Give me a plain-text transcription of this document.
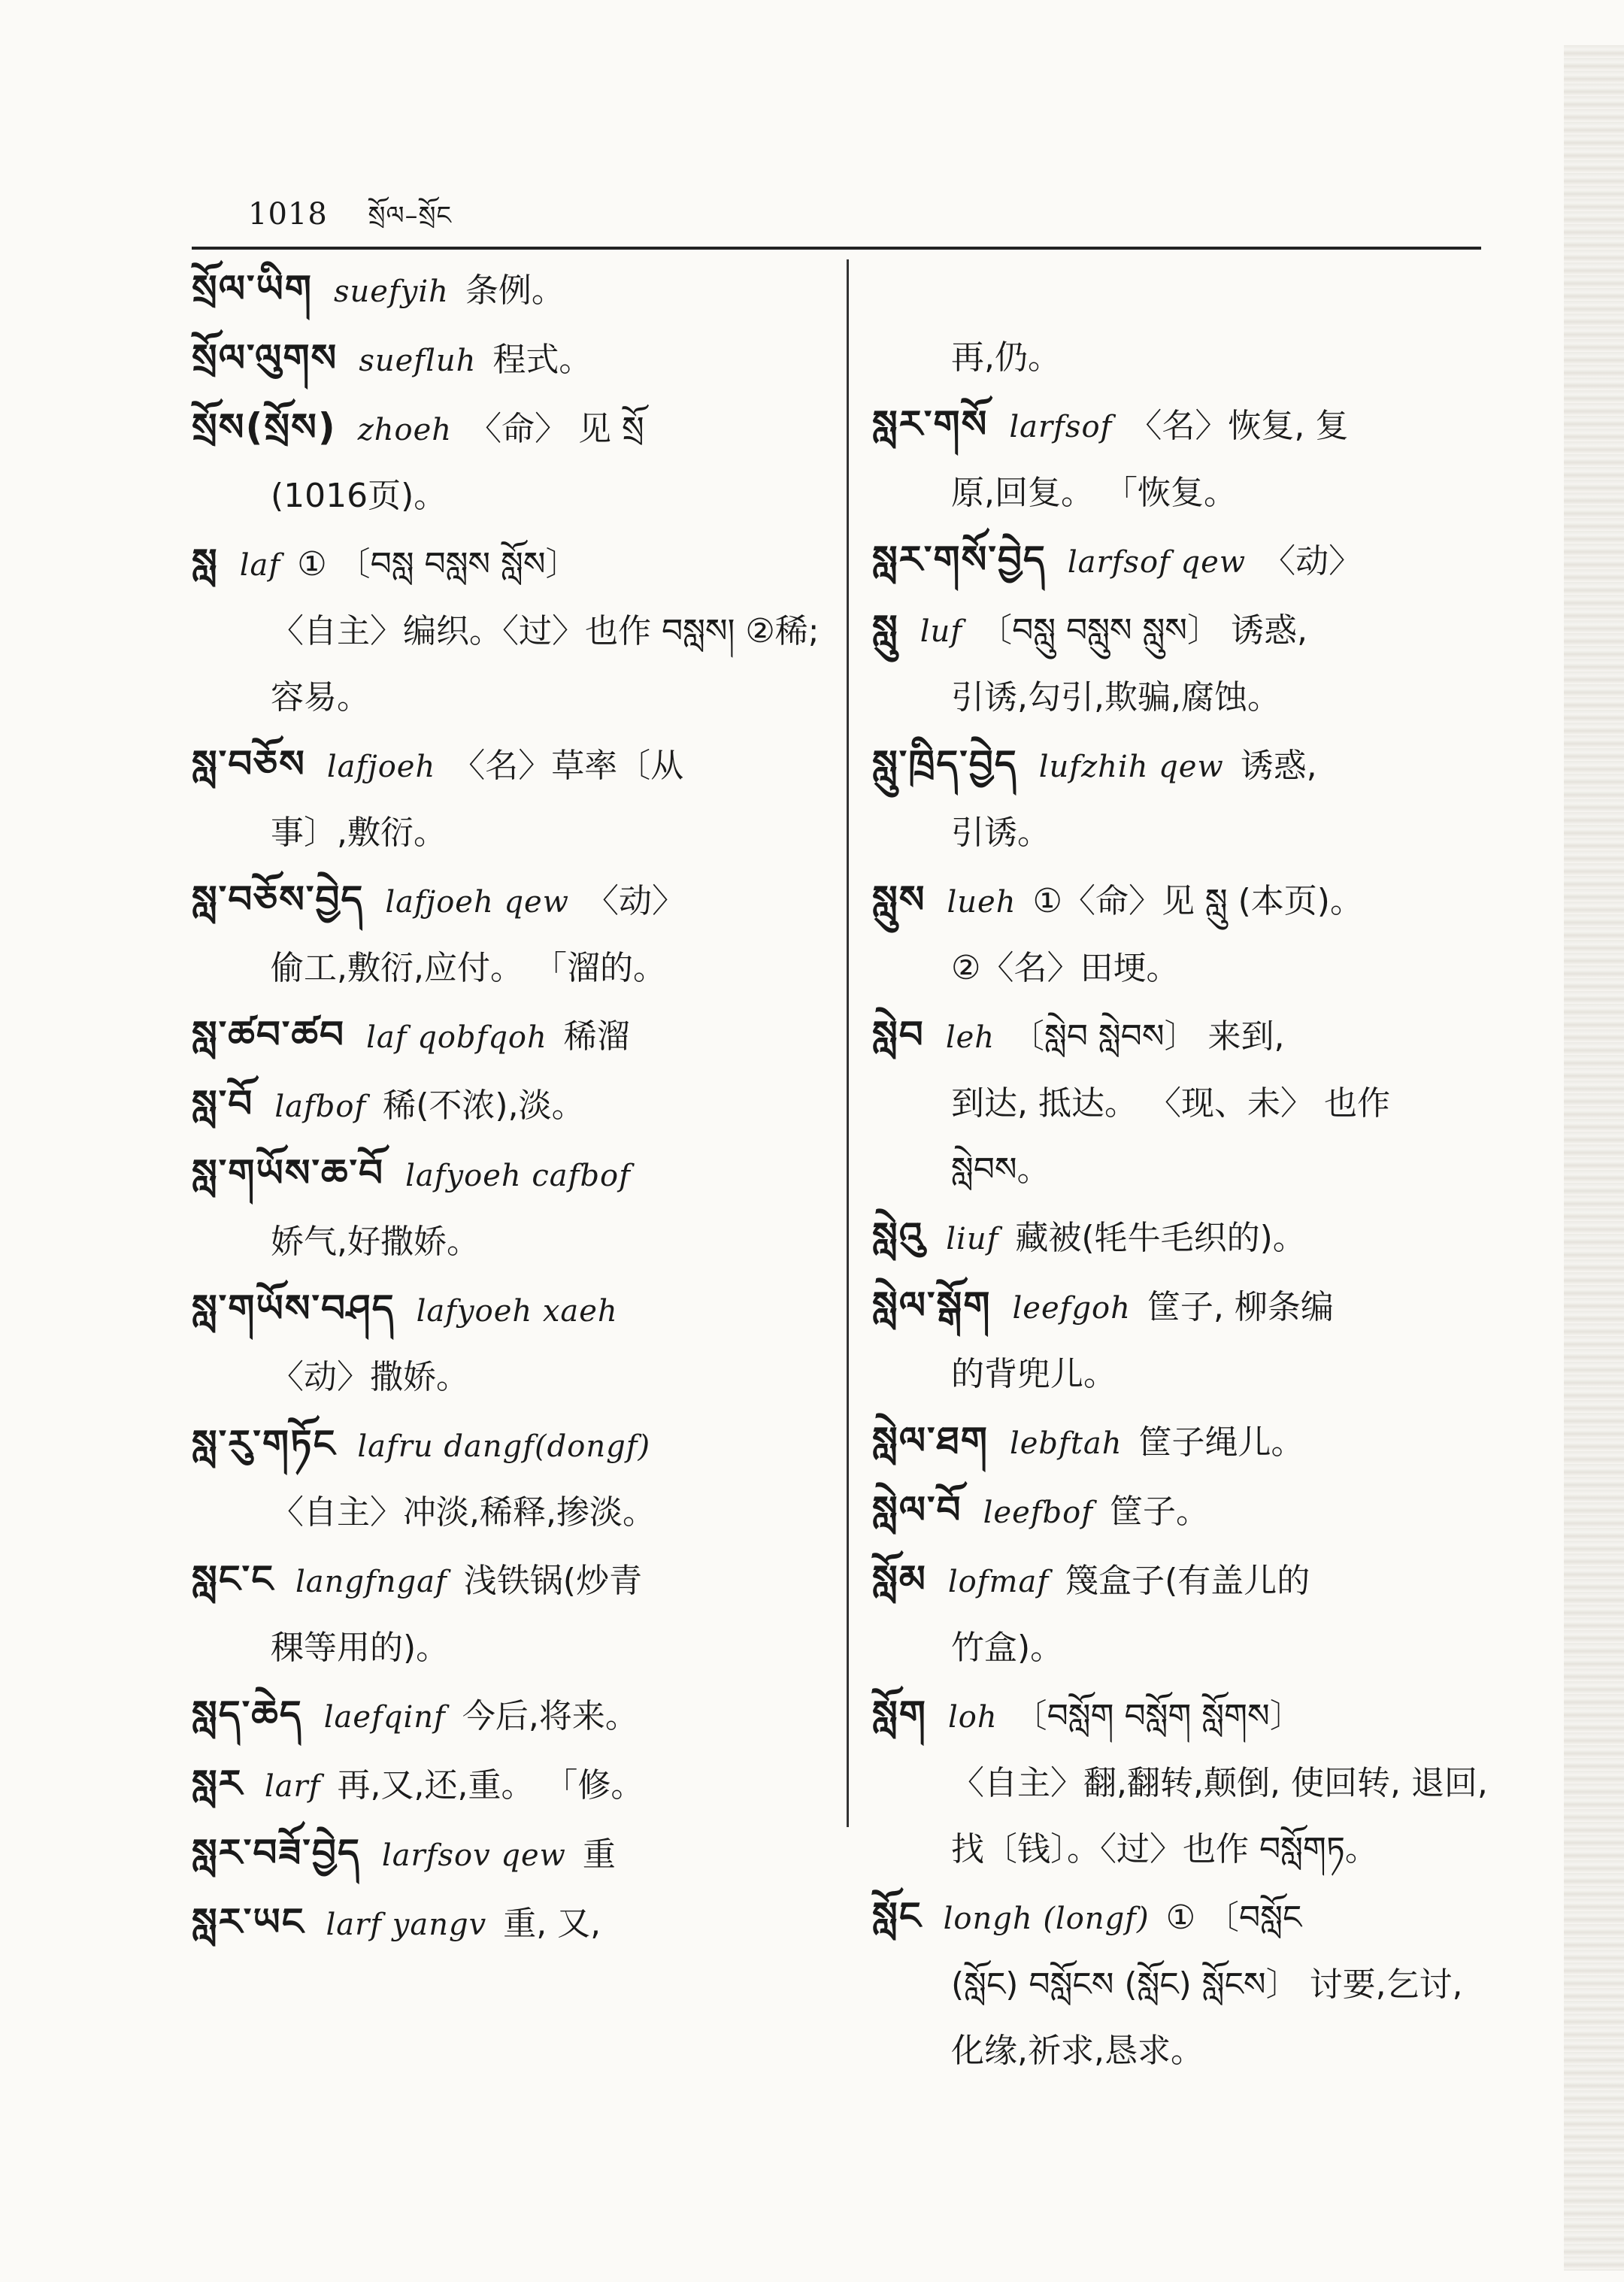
1018 སྲོལ–སྲོང
སྲོལ་ཡིག suefyih 条例。
སྲོལ་ལུགས suefluh 程式。
སྲོས(སྲོས) zhoeh 〈命〉 见 སྲོ
(1016页)。
སླ laf ① 〔བསླ བསླས སློས〕
〈自主〉编织。〈过〉也作 བསླས། ②稀;容易。
སླ་བཅོས lafjoeh 〈名〉草率〔从
事〕,敷衍。
སླ་བཅོས་བྱེད lafjoeh qew 〈动〉
偷工,敷衍,应付。 「溜的。
སླ་ཚབ་ཚབ laf qobfqoh 稀溜
སླ་བོ lafbof 稀(不浓),淡。
སླ་གཡོས་ཆ་བོ lafyoeh cafbof
娇气,好撒娇。
སླ་གཡོས་བཤད lafyoeh xaeh
〈动〉撒娇。
སླ་རུ་གཏོང lafru dangf(dongf)
〈自主〉冲淡,稀释,掺淡。
སླང་ང langfngaf 浅铁锅(炒青
稞等用的)。
སླད་ཆེད laefqinf 今后,将来。
སླར larf 再,又,还,重。 「修。
སླར་བཟོ་བྱེད larfsov qew 重
སླར་ཡང larf yangv 重, 又,
再,仍。
སླར་གསོ larfsof 〈名〉恢复, 复
原,回复。 「恢复。
སླར་གསོ་བྱེད larfsof qew 〈动〉
སླུ luf 〔བསླུ བསླུས སླུས〕 诱惑,
引诱,勾引,欺骗,腐蚀。
སླུ་ཁྲིད་བྱེད lufzhih qew 诱惑,
引诱。
སླུས lueh ①〈命〉见 སླུ (本页)。
②〈名〉田埂。
སླེབ leh 〔སླེབ སླེབས〕 来到,
到达, 抵达。 〈现、未〉 也作 སླེབས。
སླེའུ liuf 藏被(牦牛毛织的)。
སླེལ་སྒོག leefgoh 筐子, 柳条编
的背兜儿。
སླེལ་ཐག lebftah 筐子绳儿。
སླེལ་བོ leefbof 筐子。
སློམ lofmaf 篾盒子(有盖儿的
竹盒)。
སློག loh 〔བསློག བསློག སློགས〕
〈自主〉翻,翻转,颠倒, 使回转, 退回,找〔钱〕。〈过〉也作 བསློགཏ。
སློང longh (longf) ① 〔བསློང
(སློང) བསློངས (སློང) སློངས〕 讨要,乞讨,化缘,祈求,恳求。
